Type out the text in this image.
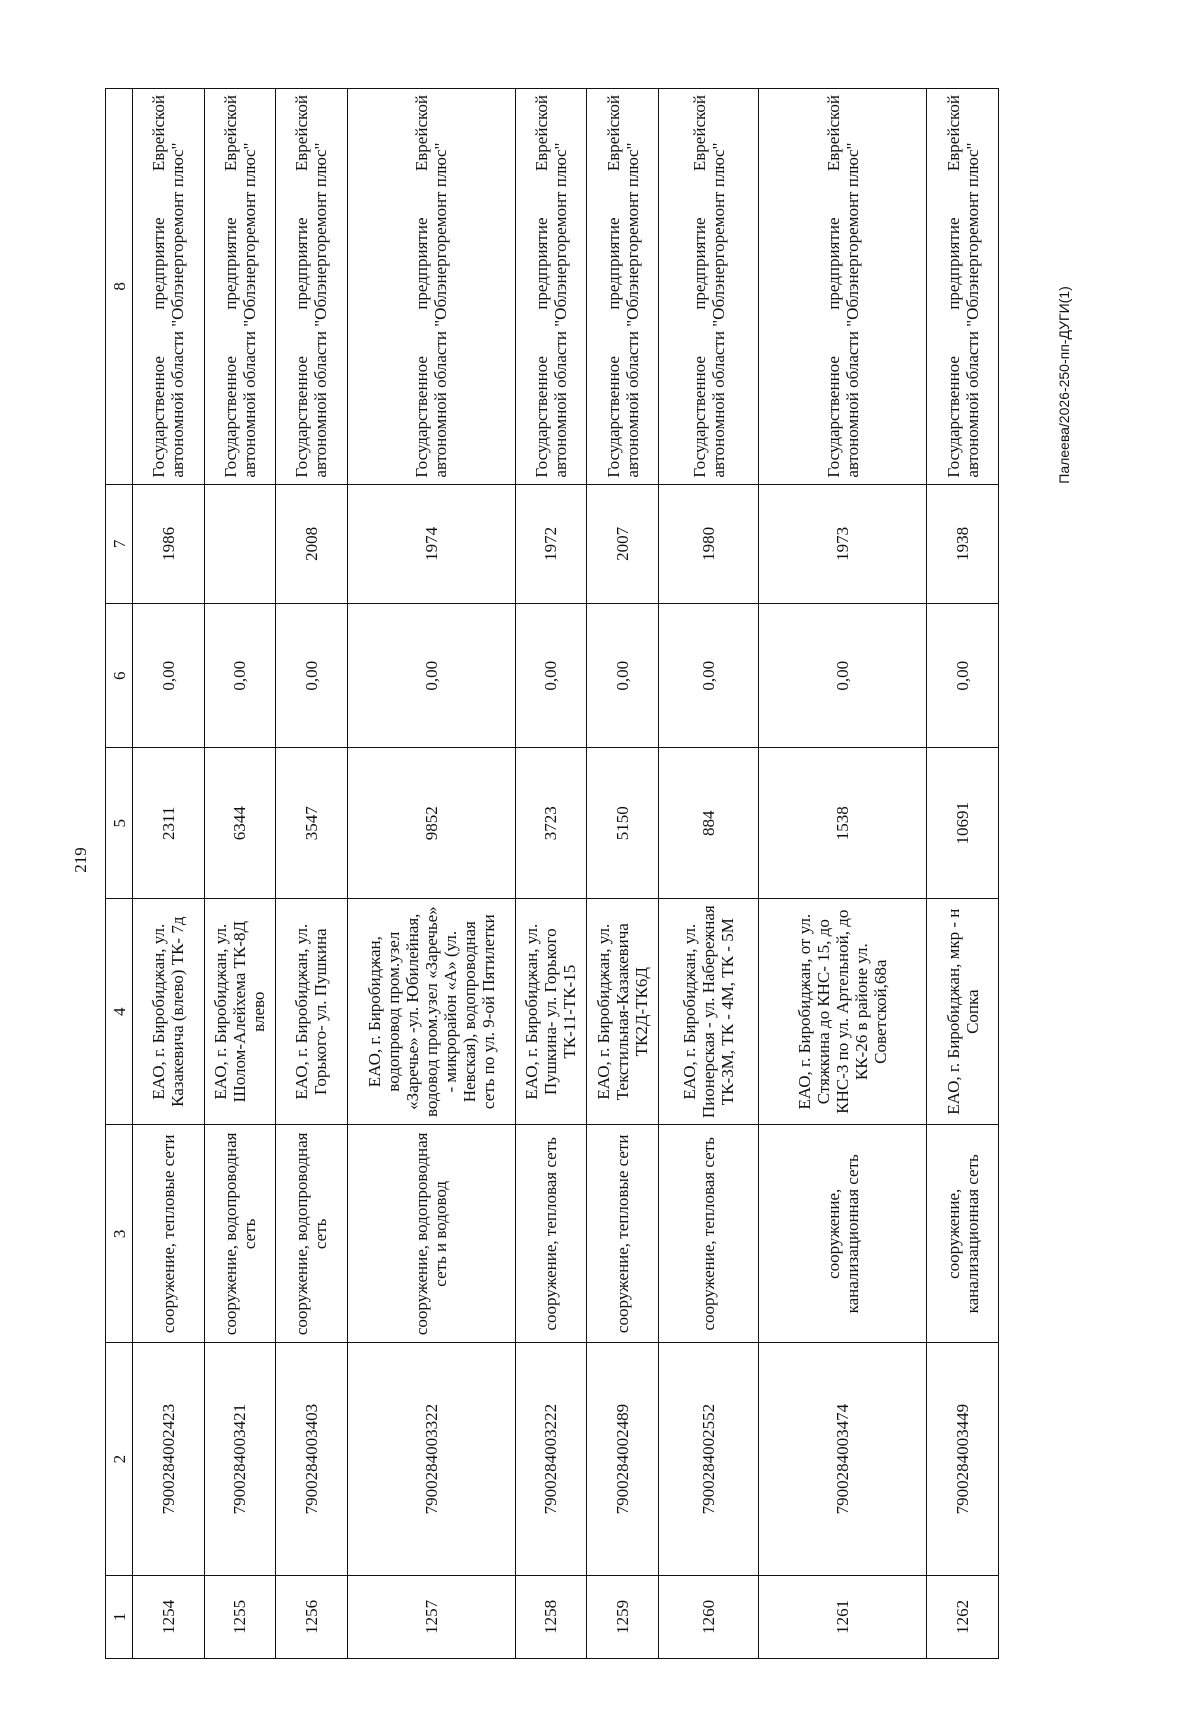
219
1	2	3	4	5	6	7	8
1254	7900284002423	сооружение, тепловые сети	ЕАО, г. Биробиджан, ул. Казакевича (влево) ТК- 7д	2311	0,00	1986	Государственное предприятие Еврейской автономной области "Облэнергоремонт плюс"
1255	7900284003421	сооружение, водопроводная сеть	ЕАО, г. Биробиджан, ул. Шолом-Алейхема ТК-8Д влево	6344	0,00		Государственное предприятие Еврейской автономной области "Облэнергоремонт плюс"
1256	7900284003403	сооружение, водопроводная сеть	ЕАО, г. Биробиджан, ул. Горького- ул. Пушкина	3547	0,00	2008	Государственное предприятие Еврейской автономной области "Облэнергоремонт плюс"
1257	7900284003322	сооружение, водопроводная сеть и водовод	ЕАО, г. Биробиджан, водопровод пром.узел «Заречье» -ул. Юбилейная, водовод пром.узел «Заречье» - микрорайон «А» (ул. Невская), водопроводная сеть по ул. 9-ой Пятилетки	9852	0,00	1974	Государственное предприятие Еврейской автономной области "Облэнергоремонт плюс"
1258	7900284003222	сооружение, тепловая сеть	ЕАО, г. Биробиджан, ул. Пушкина- ул. Горького ТК-11-ТК-15	3723	0,00	1972	Государственное предприятие Еврейской автономной области "Облэнергоремонт плюс"
1259	7900284002489	сооружение, тепловые сети	ЕАО, г. Биробиджан, ул. Текстильная-Казакевича ТК2Д-ТК6Д	5150	0,00	2007	Государственное предприятие Еврейской автономной области "Облэнергоремонт плюс"
1260	7900284002552	сооружение, тепловая сеть	ЕАО, г. Биробиджан, ул. Пионерская - ул. Набережная ТК-3М, ТК - 4М, ТК - 5М	884	0,00	1980	Государственное предприятие Еврейской автономной области "Облэнергоремонт плюс"
1261	7900284003474	сооружение, канализационная сеть	ЕАО, г. Биробиджан, от ул. Стяжкина до КНС- 15, до КНС-3 по ул. Артельной, до КК-26 в районе ул. Советской,68а	1538	0,00	1973	Государственное предприятие Еврейской автономной области "Облэнергоремонт плюс"
1262	7900284003449	сооружение, канализационная сеть	ЕАО, г. Биробиджан, мкр - н Сопка	10691	0,00	1938	Государственное предприятие Еврейской автономной области "Облэнергоремонт плюс"	Палеева/2026-250-пп-ДУГИ(1)
